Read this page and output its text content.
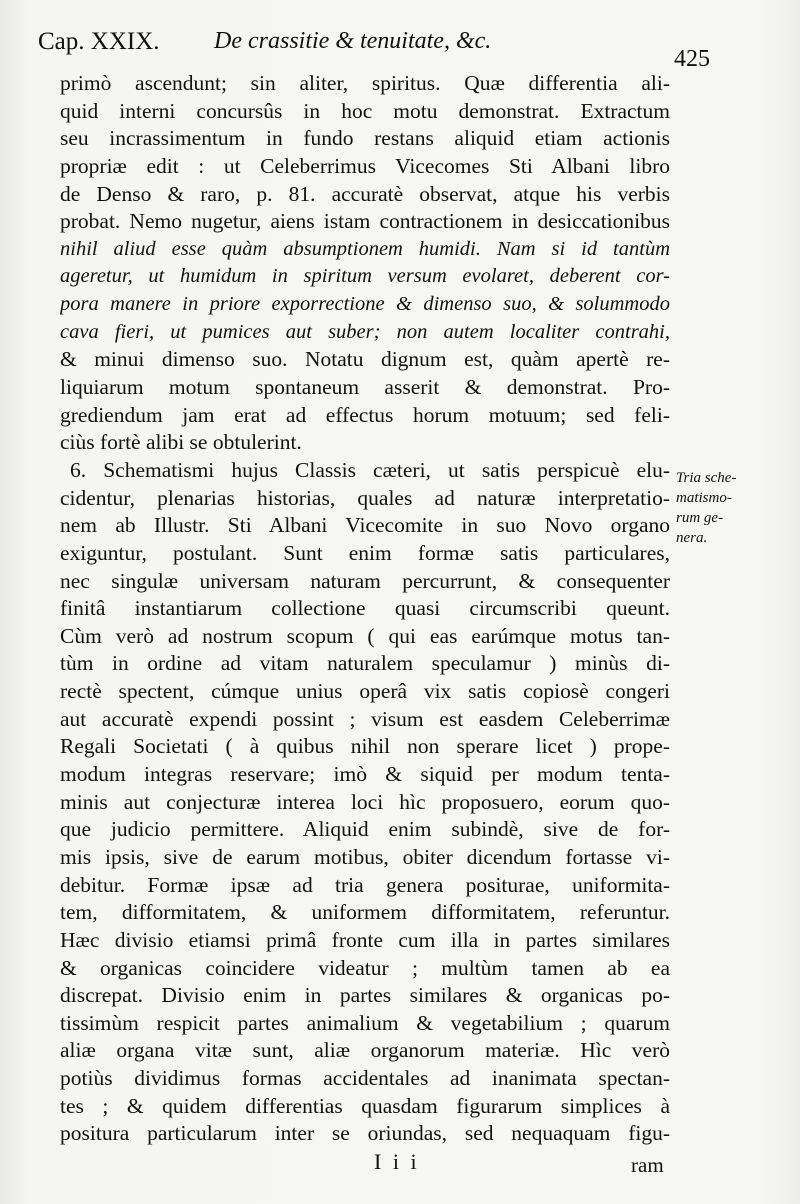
Cap. XXIX. De crassitie & tenuitate, &c.
425
primò ascendunt; sin aliter, spiritus. Quæ differentia ali-
quid interni concursûs in hoc motu demonstrat. Extractum
seu incrassimentum in fundo restans aliquid etiam actionis
propriæ edit : ut Celeberrimus Vicecomes Sti Albani libro
de Denso & raro, p. 81. accuratè observat, atque his verbis
probat. Nemo nugetur, aiens istam contractionem in desiccationibus
nihil aliud esse quàm absumptionem humidi. Nam si id tantùm
ageretur, ut humidum in spiritum versum evolaret, deberent cor-
pora manere in priore exporrectione & dimenso suo, & solummodo
cava fieri, ut pumices aut suber; non autem localiter contrahi,
& minui dimenso suo. Notatu dignum est, quàm apertè re-
liquiarum motum spontaneum asserit & demonstrat. Pro-
grediendum jam erat ad effectus horum motuum; sed feli-
ciùs fortè alibi se obtulerint.
6. Schematismi hujus Classis cæteri, ut satis perspicuè elu-
cidentur, plenarias historias, quales ad naturæ interpretatio-
nem ab Illustr. Sti Albani Vicecomite in suo Novo organo
exiguntur, postulant. Sunt enim formæ satis particulares,
nec singulæ universam naturam percurrunt, & consequenter
finitâ instantiarum collectione quasi circumscribi queunt.
Cùm verò ad nostrum scopum ( qui eas earúmque motus tan-
tùm in ordine ad vitam naturalem speculamur ) minùs di-
rectè spectent, cúmque unius operâ vix satis copiosè congeri
aut accuratè expendi possint ; visum est easdem Celeberrimæ
Regali Societati ( à quibus nihil non sperare licet ) prope-
modum integras reservare; imò & siquid per modum tenta-
minis aut conjecturæ interea loci hìc proposuero, eorum quo-
que judicio permittere. Aliquid enim subindè, sive de for-
mis ipsis, sive de earum motibus, obiter dicendum fortasse vi-
debitur. Formæ ipsæ ad tria genera positurae, uniformita-
tem, difformitatem, & uniformem difformitatem, referuntur.
Hæc divisio etiamsi primâ fronte cum illa in partes similares
& organicas coincidere videatur ; multùm tamen ab ea
discrepat. Divisio enim in partes similares & organicas po-
tissimùm respicit partes animalium & vegetabilium ; quarum
aliæ organa vitæ sunt, aliæ organorum materiæ. Hìc verò
potiùs dividimus formas accidentales ad inanimata spectan-
tes ; & quidem differentias quasdam figurarum simplices à
positura particularum inter se oriundas, sed nequaquam figu-
Tria sche-
matismo-
rum ge-
nera.
I i i	ram
